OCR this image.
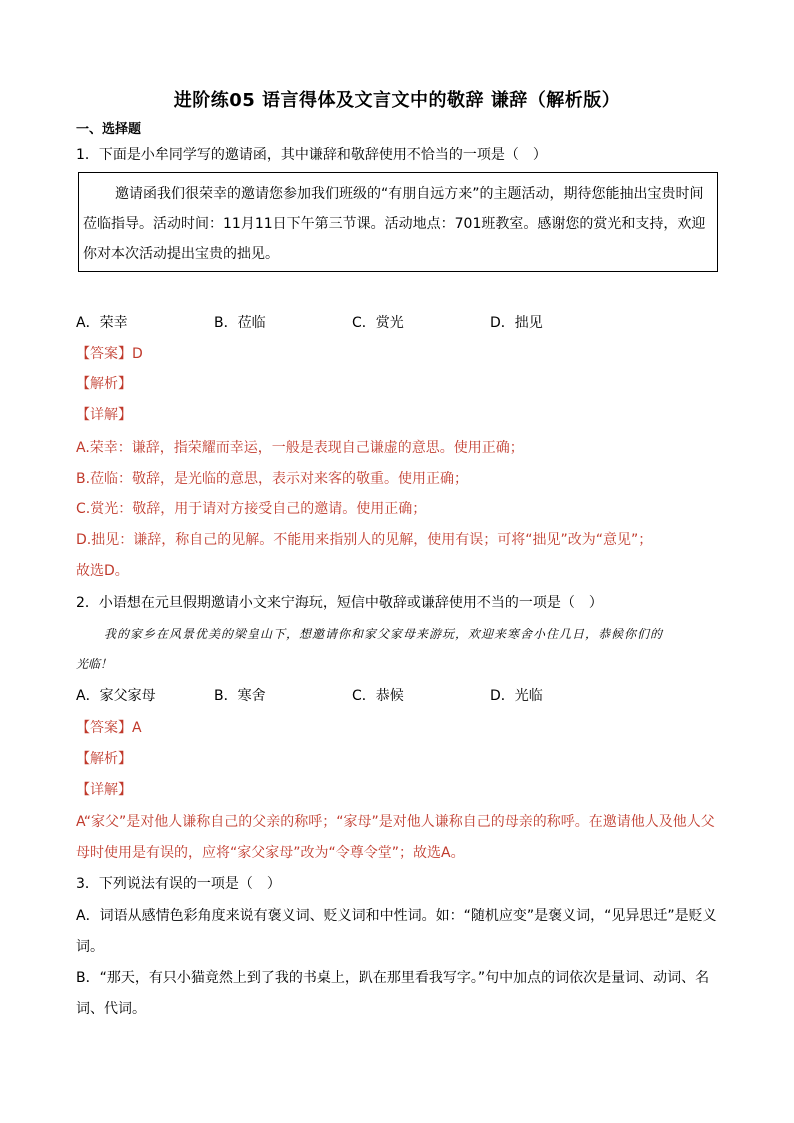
进阶练05 语言得体及文言文中的敬辞 谦辞（解析版）
一、选择题
1．下面是小牟同学写的邀请函，其中谦辞和敬辞使用不恰当的一项是（　）
邀请函我们很荣幸的邀请您参加我们班级的“有朋自远方来”的主题活动，期待您能抽出宝贵时间
莅临指导。活动时间：11月11日下午第三节课。活动地点：701班教室。感谢您的赏光和支持，欢迎
你对本次活动提出宝贵的拙见。
A．荣幸	B．莅临	C．赏光	D．拙见
【答案】D
【解析】
【详解】
A.荣幸：谦辞，指荣耀而幸运，一般是表现自己谦虚的意思。使用正确；
B.莅临：敬辞，是光临的意思，表示对来客的敬重。使用正确；
C.赏光：敬辞，用于请对方接受自己的邀请。使用正确；
D.拙见：谦辞，称自己的见解。不能用来指别人的见解，使用有误；可将“拙见”改为“意见”；
故选D。
2．小语想在元旦假期邀请小文来宁海玩，短信中敬辞或谦辞使用不当的一项是（　）
我的家乡在风景优美的梁皇山下，想邀请你和家父家母来游玩，欢迎来寒舍小住几日，恭候你们的
光临！
A．家父家母	B．寒舍	C．恭候	D．光临
【答案】A
【解析】
【详解】
A“家父”是对他人谦称自己的父亲的称呼；“家母”是对他人谦称自己的母亲的称呼。在邀请他人及他人父
母时使用是有误的，应将“家父家母”改为“令尊令堂”；故选A。
3．下列说法有误的一项是（　）
A．词语从感情色彩角度来说有褒义词、贬义词和中性词。如：“随机应变”是褒义词，“见异思迁”是贬义
词。
B．“那天，有只小猫竟然上到了我的书桌上，趴在那里看我写字。”句中加点的词依次是量词、动词、名
词、代词。
